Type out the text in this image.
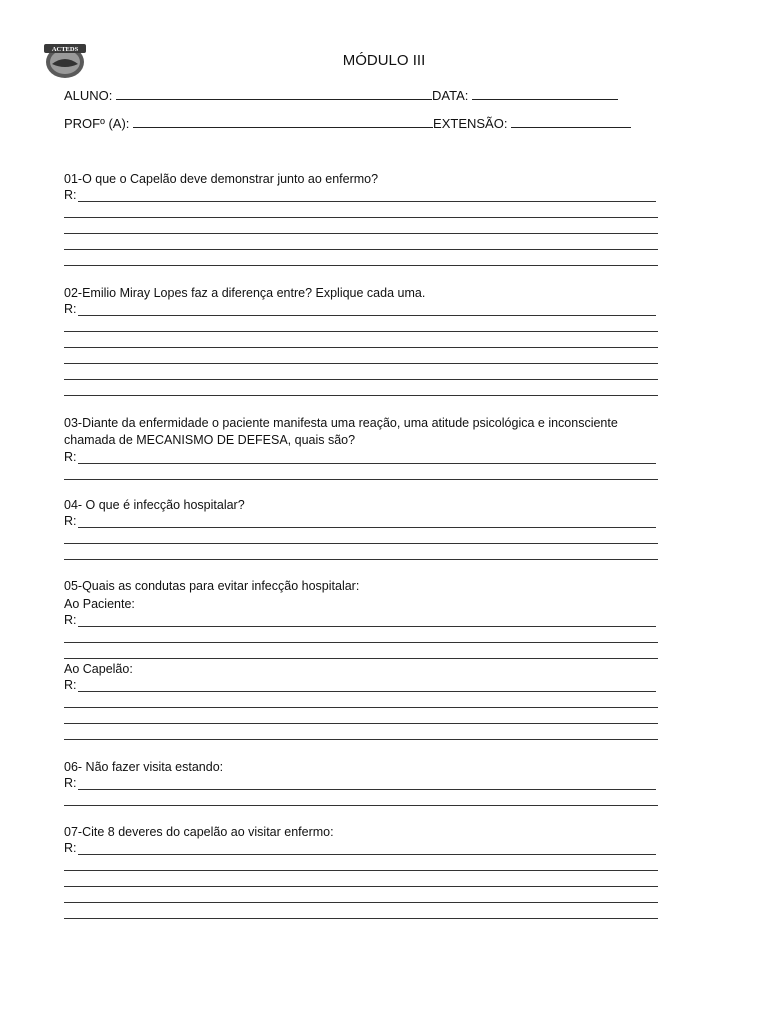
ACTEDS
MÓDULO III
ALUNO:	DATA:
PROFº (A):	EXTENSÃO:
01-O que o Capelão deve demonstrar junto ao enfermo?
R:
02-Emilio Miray Lopes faz a diferença entre? Explique cada uma.
R:
03-Diante da enfermidade o paciente manifesta uma reação, uma atitude psicológica e inconsciente
chamada de MECANISMO DE DEFESA, quais são?
R:
04- O que é infecção hospitalar?
R:
05-Quais as condutas para evitar infecção hospitalar:
Ao Paciente:
R:
Ao Capelão:
R:
06- Não fazer visita estando:
R:
07-Cite 8 deveres do capelão ao visitar enfermo:
R:
